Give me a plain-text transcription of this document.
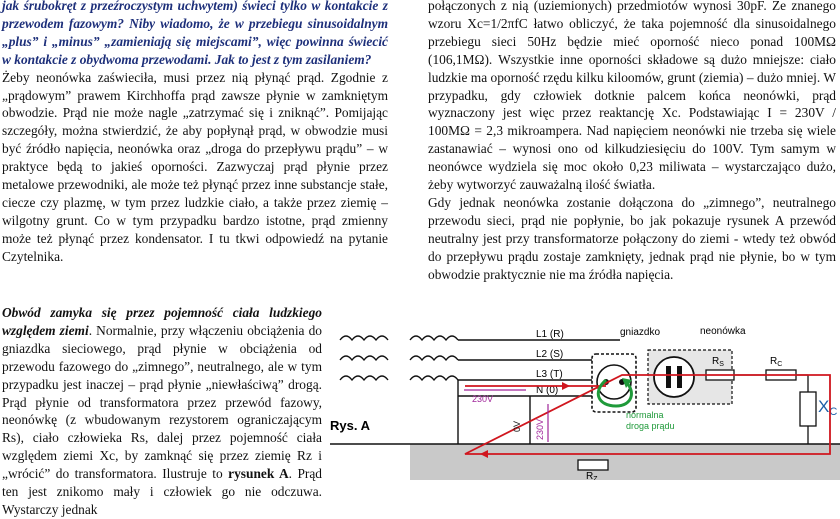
jak śrubokręt z przeźroczystym uchwytem) świeci tylko w kontakcie z przewodem fazowym? Niby wiadomo, że w przebiegu sinusoidalnym „plus” i „minus” „zamieniają się miejscami”, więc powinna świecić w kontakcie z obydwoma przewodami. Jak to jest z tym zasilaniem?

Żeby neonówka zaświeciła, musi przez nią płynąć prąd. Zgodnie z „prądowym” prawem Kirchhoffa prąd zawsze płynie w zamkniętym obwodzie. Prąd nie może nagle „zatrzymać się i zniknąć”. Pomijając szczegóły, można stwierdzić, że aby popłynął prąd, w obwodzie musi być źródło napięcia, neonówka oraz „droga do przepływu prądu” – w praktyce będą to jakieś oporności. Zazwyczaj prąd płynie przez metalowe przewodniki, ale może też płynąć przez inne substancje stałe, ciecze czy plazmę, w tym przez ludzkie ciało, a także przez ziemię – wilgotny grunt. Co w tym przypadku bardzo istotne, prąd zmienny może też płynąć przez kondensator. I tu tkwi odpowiedź na pytanie Czytelnika.

Obwód zamyka się przez pojemność ciała ludzkiego względem ziemi. Normalnie, przy włączeniu obciążenia do gniazdka sieciowego, prąd płynie w obciążenia od przewodu fazowego do „zimnego”, neutralnego, ale w tym przypadku jest inaczej – prąd płynie „niewłaściwą” drogą. Prąd płynie od transformatora przez przewód fazowy, neonówkę (z wbudowanym rezystorem ograniczającym Rs), ciało człowieka Rs, dalej przez pojemność ciała względem ziemi Xc, by zamknąć się przez ziemię Rz i „wrócić” do transformatora. Ilustruje to rysunek A. Prąd ten jest znikomo mały i człowiek go nie odczuwa. Wystarczy jednak

połączonych z nią (uziemionych) przedmiotów wynosi 30pF. Ze znanego wzoru Xc=1/2πfC łatwo obliczyć, że taka pojemność dla sinusoidalnego przebiegu sieci 50Hz będzie mieć oporność nieco ponad 100MΩ (106,1MΩ). Wszystkie inne oporności składowe są dużo mniejsze: ciało ludzkie ma oporność rzędu kilku kiloomów, grunt (ziemia) – dużo mniej. W przypadku, gdy człowiek dotknie palcem końca neonówki, prąd wyznaczony jest więc przez reaktancję Xc. Podstawiając I = 230V / 100MΩ = 2,3 mikroampera. Nad napięciem neonówki nie trzeba się wiele zastanawiać – wynosi ono od kilkudziesięciu do 100V. Tym samym w neonówce wydziela się moc około 0,23 miliwata – wystarczająco dużo, żeby wytworzyć zauważalną ilość światła.

Gdy jednak neonówka zostanie dołączona do „zimnego”, neutralnego przewodu sieci, prąd nie popłynie, bo jak pokazuje rysunek A przewód neutralny jest przy transformatorze połączony do ziemi - wtedy też obwód do przepływu prądu zostaje zamknięty, jednak prąd nie płynie, bo w tym obwodzie praktycznie nie ma źródła napięcia.

L1 (R)
L2 (S)
L3 (T)
N (0)
gniazdko	neonówka
$R_S$	$R_C$
XC
$R_Z$
normalna
droga prądu
230V
230V
0V
Rys. A
